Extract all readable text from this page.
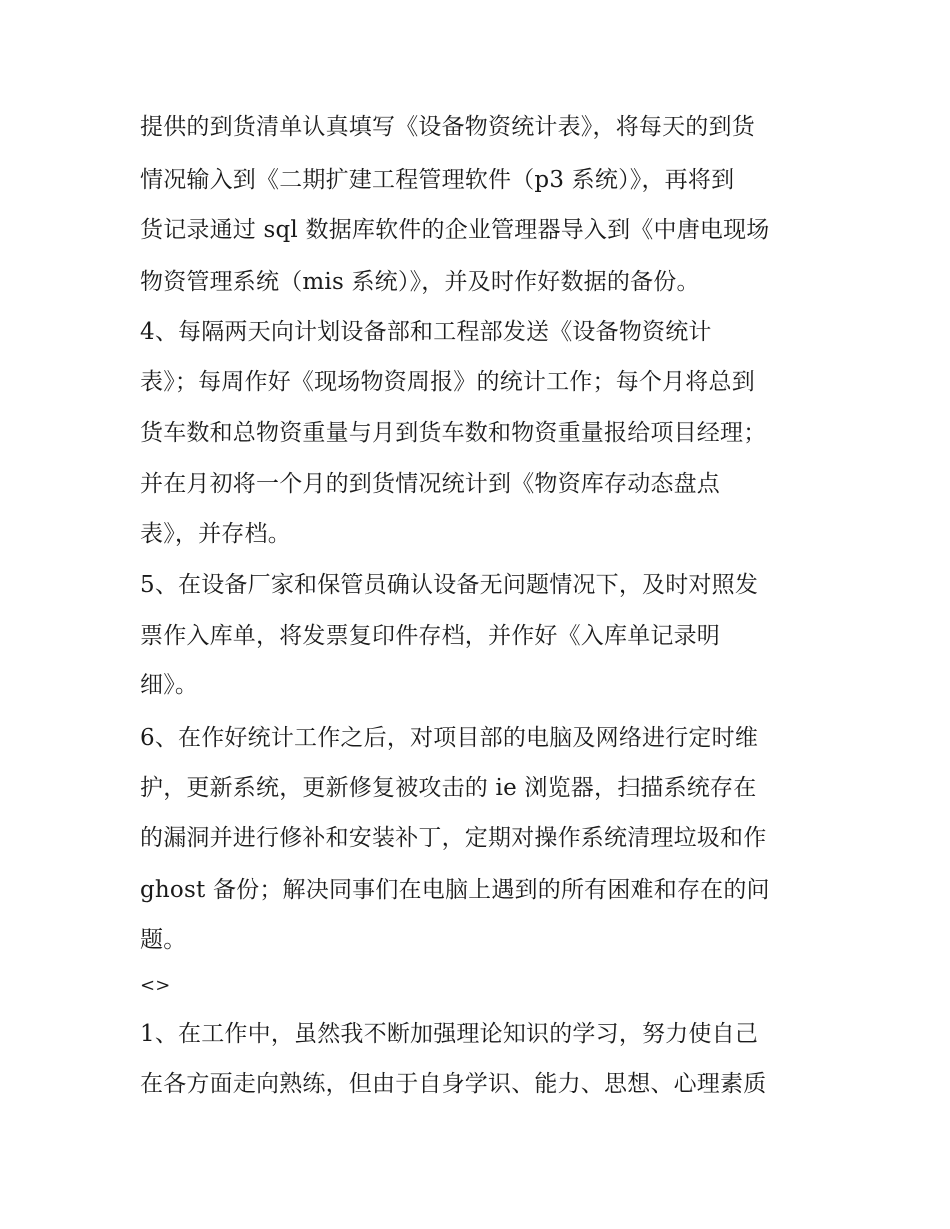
提供的到货清单认真填写《设备物资统计表》，将每天的到货
情况输入到《二期扩建工程管理软件（p3 系统）》，再将到
货记录通过 sql 数据库软件的企业管理器导入到《中唐电现场
物资管理系统（mis 系统）》，并及时作好数据的备份。
4、每隔两天向计划设备部和工程部发送《设备物资统计
表》；每周作好《现场物资周报》的统计工作；每个月将总到
货车数和总物资重量与月到货车数和物资重量报给项目经理；
并在月初将一个月的到货情况统计到《物资库存动态盘点
表》，并存档。
5、在设备厂家和保管员确认设备无问题情况下，及时对照发
票作入库单，将发票复印件存档，并作好《入库单记录明
细》。
6、在作好统计工作之后，对项目部的电脑及网络进行定时维
护，更新系统，更新修复被攻击的 ie 浏览器，扫描系统存在
的漏洞并进行修补和安装补丁，定期对操作系统清理垃圾和作
ghost 备份；解决同事们在电脑上遇到的所有困难和存在的问
题。
<>
1、在工作中，虽然我不断加强理论知识的学习，努力使自己
在各方面走向熟练，但由于自身学识、能力、思想、心理素质
